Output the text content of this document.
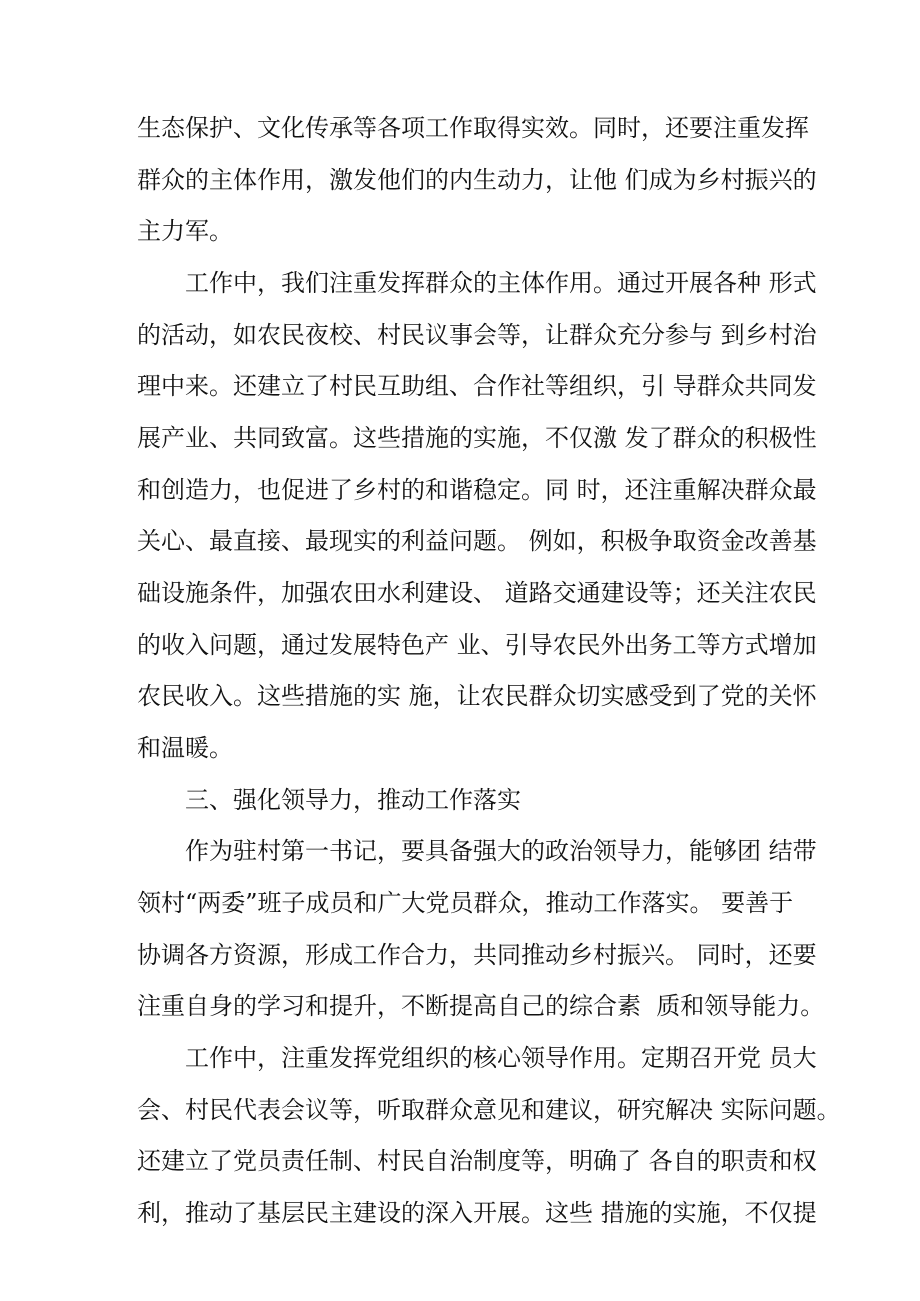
生态保护、文化传承等各项工作取得实效。同时，还要注重发挥
群众的主体作用，激发他们的内生动力，让他 们成为乡村振兴的
主力军。
工作中，我们注重发挥群众的主体作用。通过开展各种 形式
的活动，如农民夜校、村民议事会等，让群众充分参与 到乡村治
理中来。还建立了村民互助组、合作社等组织，引 导群众共同发
展产业、共同致富。这些措施的实施，不仅激 发了群众的积极性
和创造力，也促进了乡村的和谐稳定。同 时，还注重解决群众最
关心、最直接、最现实的利益问题。 例如，积极争取资金改善基
础设施条件，加强农田水利建设、 道路交通建设等；还关注农民
的收入问题，通过发展特色产 业、引导农民外出务工等方式增加
农民收入。这些措施的实 施，让农民群众切实感受到了党的关怀
和温暖。
三、强化领导力，推动工作落实
作为驻村第一书记，要具备强大的政治领导力，能够团 结带
领村“两委”班子成员和广大党员群众，推动工作落实。 要善于
协调各方资源，形成工作合力，共同推动乡村振兴。 同时，还要
注重自身的学习和提升，不断提高自己的综合素  质和领导能力。
工作中，注重发挥党组织的核心领导作用。定期召开党 员大
会、村民代表会议等，听取群众意见和建议，研究解决 实际问题。
还建立了党员责任制、村民自治制度等，明确了 各自的职责和权
利，推动了基层民主建设的深入开展。这些 措施的实施，不仅提
